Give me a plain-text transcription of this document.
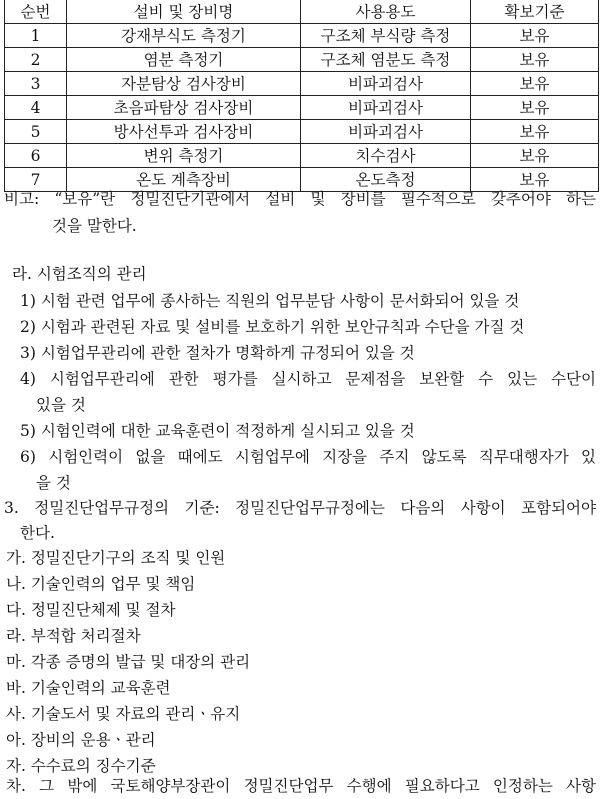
순번	설비 및 장비명	사용용도	확보기준
1	강재부식도 측정기	구조체 부식량 측정	보유
2	염분 측정기	구조체 염분도 측정	보유
3	자분탐상 검사장비	비파괴검사	보유
4	초음파탐상 검사장비	비파괴검사	보유
5	방사선투과 검사장비	비파괴검사	보유
6	변위 측정기	치수검사	보유
7	온도 계측장비	온도측정	보유
비고: “보유”란 정밀진단기관에서 설비 및 장비를 필수적으로 갖추어야 하는
것을 말한다.
라. 시험조직의 관리
1) 시험 관련 업무에 종사하는 직원의 업무분담 사항이 문서화되어 있을 것
2) 시험과 관련된 자료 및 설비를 보호하기 위한 보안규칙과 수단을 가질 것
3) 시험업무관리에 관한 절차가 명확하게 규정되어 있을 것
4) 시험업무관리에 관한 평가를 실시하고 문제점을 보완할 수 있는 수단이
있을 것
5) 시험인력에 대한 교육훈련이 적정하게 실시되고 있을 것
6) 시험인력이 없을 때에도 시험업무에 지장을 주지 않도록 직무대행자가 있
을 것
3. 정밀진단업무규정의 기준: 정밀진단업무규정에는 다음의 사항이 포함되어야
한다.
가. 정밀진단기구의 조직 및 인원
나. 기술인력의 업무 및 책임
다. 정밀진단체제 및 절차
라. 부적합 처리절차
마. 각종 증명의 발급 및 대장의 관리
바. 기술인력의 교육훈련
사. 기술도서 및 자료의 관리ㆍ유지
아. 장비의 운용ㆍ관리
자. 수수료의 징수기준
차. 그 밖에 국토해양부장관이 정밀진단업무 수행에 필요하다고 인정하는 사항
